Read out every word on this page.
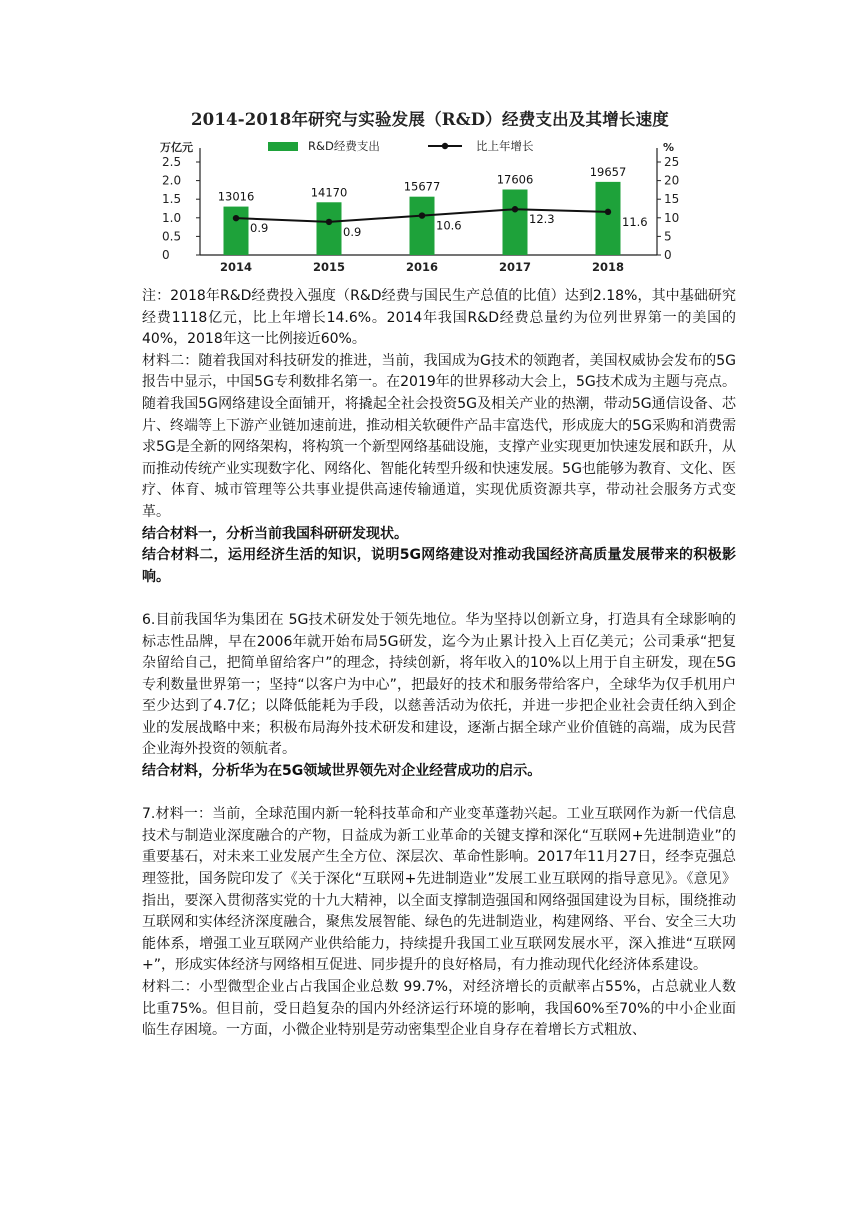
2014-2018年研究与实验发展（R&D）经费支出及其增长速度
万亿元	%
2.5
2.0
1.5
1.0
0.5
0
25
20
15
10
5
0
R&D经费支出	比上年增长
13016
2014
14170
2015
15677
2016
17606
2017
19657
2018
0.9	0.9	10.6	12.3	11.6

注：2018年R&D经费投入强度（R&D经费与国民生产总值的比值）达到2.18%，其中基础研究经费1118亿元，比上年增长14.6%。2014年我国R&D经费总量约为位列世界第一的美国的40%，2018年这一比例接近60%。

材料二：随着我国对科技研发的推进，当前，我国成为G技术的领跑者，美国权威协会发布的5G报告中显示，中国5G专利数排名第一。在2019年的世界移动大会上，5G技术成为主题与亮点。随着我国5G网络建设全面铺开，将撬起全社会投资5G及相关产业的热潮，带动5G通信设备、芯片、终端等上下游产业链加速前进，推动相关软硬件产品丰富迭代，形成庞大的5G采购和消费需求5G是全新的网络架构，将构筑一个新型网络基础设施，支撑产业实现更加快速发展和跃升，从而推动传统产业实现数字化、网络化、智能化转型升级和快速发展。5G也能够为教育、文化、医疗、体育、城市管理等公共事业提供高速传输通道，实现优质资源共享，带动社会服务方式变革。

结合材料一，分析当前我国科研研发现状。

结合材料二，运用经济生活的知识，说明5G网络建设对推动我国经济高质量发展带来的积极影响。

6.目前我国华为集团在 5G技术研发处于领先地位。华为坚持以创新立身，打造具有全球影响的标志性品牌，早在2006年就开始布局5G研发，迄今为止累计投入上百亿美元；公司秉承“把复杂留给自己，把简单留给客户”的理念，持续创新，将年收入的10%以上用于自主研发，现在5G专利数量世界第一；坚持“以客户为中心”，把最好的技术和服务带给客户，全球华为仅手机用户至少达到了4.7亿；以降低能耗为手段，以慈善活动为依托，并进一步把企业社会责任纳入到企业的发展战略中来；积极布局海外技术研发和建设，逐渐占据全球产业价值链的高端，成为民营企业海外投资的领航者。

结合材料，分析华为在5G领域世界领先对企业经营成功的启示。

7.材料一：当前，全球范围内新一轮科技革命和产业变革蓬勃兴起。工业互联网作为新一代信息技术与制造业深度融合的产物，日益成为新工业革命的关键支撑和深化“互联网+先进制造业”的重要基石，对未来工业发展产生全方位、深层次、革命性影响。2017年11月27日，经李克强总理签批，国务院印发了《关于深化“互联网+先进制造业”发展工业互联网的指导意见》。《意见》指出，要深入贯彻落实党的十九大精神，以全面支撑制造强国和网络强国建设为目标，围绕推动互联网和实体经济深度融合，聚焦发展智能、绿色的先进制造业，构建网络、平台、安全三大功能体系，增强工业互联网产业供给能力，持续提升我国工业互联网发展水平，深入推进“互联网+”，形成实体经济与网络相互促进、同步提升的良好格局，有力推动现代化经济体系建设。

材料二：小型微型企业占占我国企业总数 99.7%，对经济增长的贡献率占55%，占总就业人数比重75%。但目前，受日趋复杂的国内外经济运行环境的影响，我国60%至70%的中小企业面临生存困境。一方面，小微企业特别是劳动密集型企业自身存在着增长方式粗放、
